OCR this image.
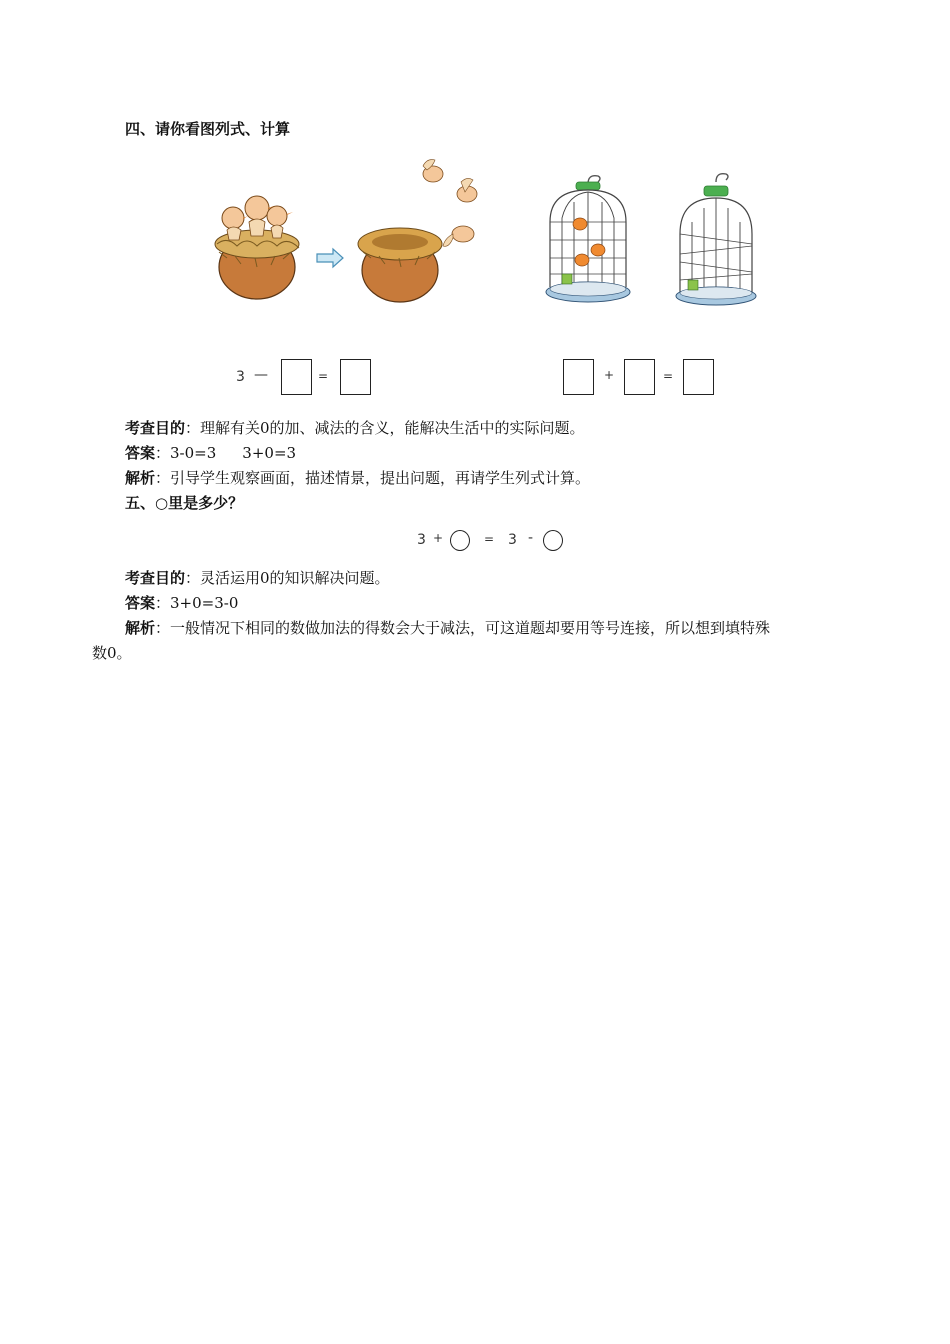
四、请你看图列式、计算
3 —	=	+	=
考查目的：理解有关0的加、减法的含义，能解决生活中的实际问题。
答案：3-0=3 3+0=3
解析：引导学生观察画面，描述情景，提出问题，再请学生列式计算。
五、○里是多少？
3 +	= 3 -
考查目的：灵活运用0的知识解决问题。
答案：3+0=3-0
解析：一般情况下相同的数做加法的得数会大于减法，可这道题却要用等号连接，所以想到填特殊
数0。
